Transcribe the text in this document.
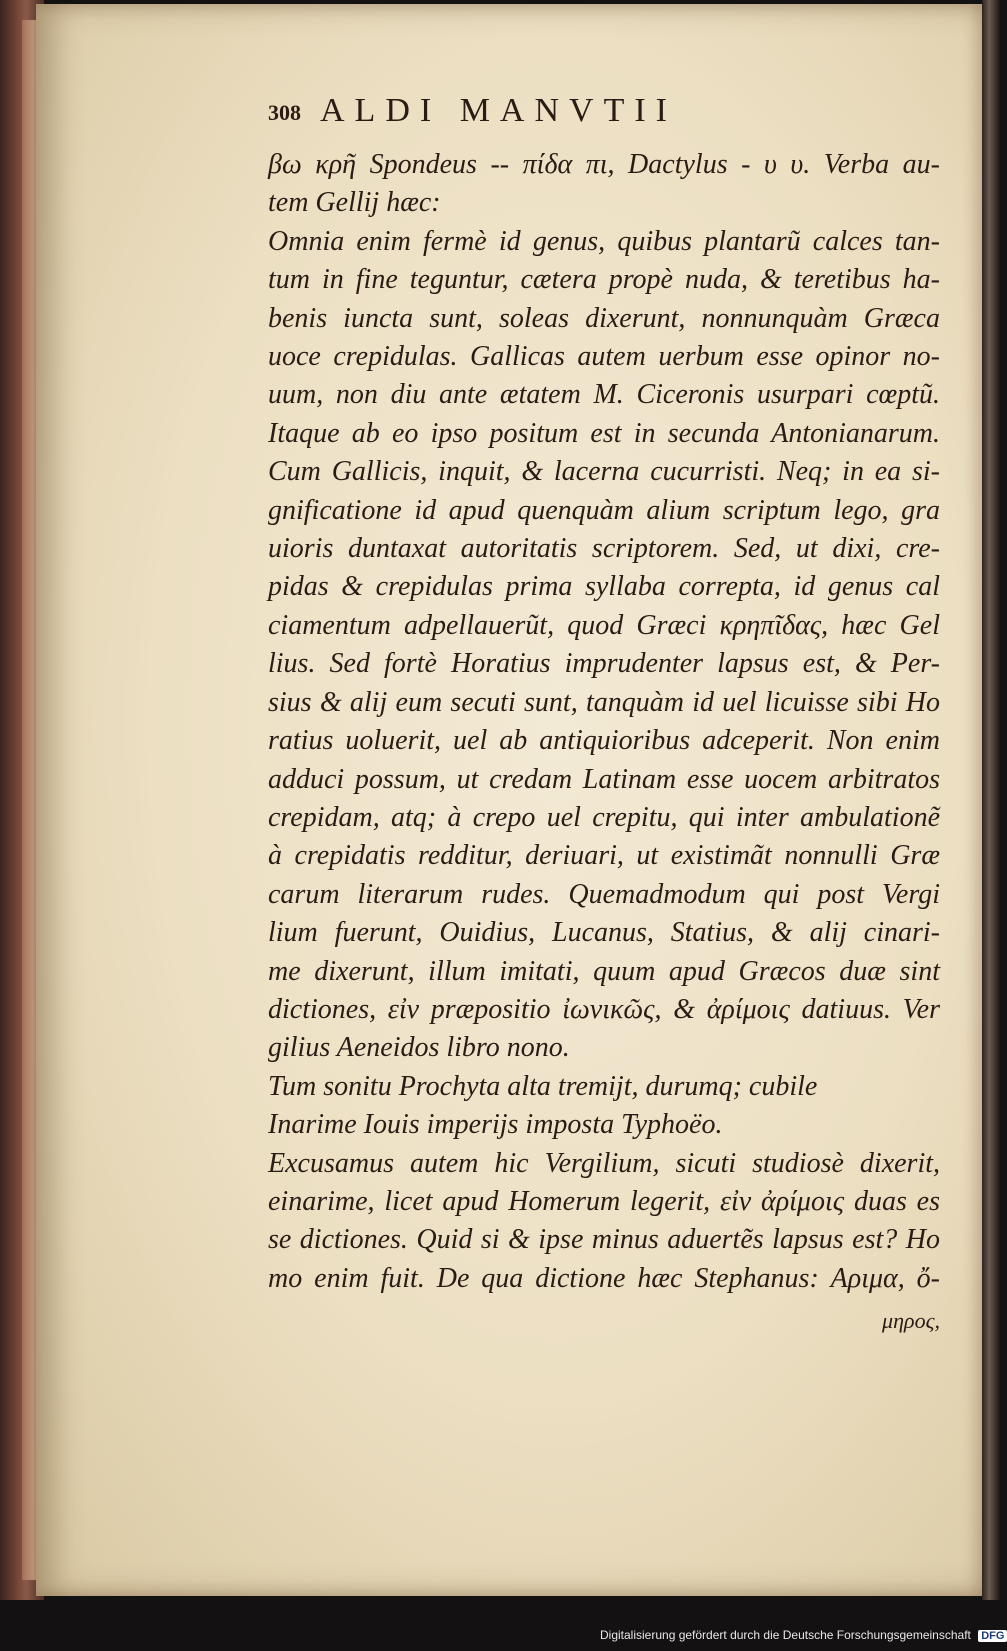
308 ALDI MANVTII
βω κρῆ Spondeus -- πίδα πι, Dactylus - υ υ. Verba au-
tem Gellij hæc:
Omnia enim fermè id genus, quibus plantarũ calces tan-
tum in fine teguntur, cætera propè nuda, & teretibus ha-
benis iuncta sunt, soleas dixerunt, nonnunquàm Græca
uoce crepidulas. Gallicas autem uerbum esse opinor no-
uum, non diu ante ætatem M. Ciceronis usurpari cœptũ.
Itaque ab eo ipso positum est in secunda Antonianarum.
Cum Gallicis, inquit, & lacerna cucurristi. Neq; in ea si-
gnificatione id apud quenquàm alium scriptum lego, gra
uioris duntaxat autoritatis scriptorem. Sed, ut dixi, cre-
pidas & crepidulas prima syllaba correpta, id genus cal
ciamentum adpellauerũt, quod Græci κρηπῖδας, hæc Gel
lius. Sed fortè Horatius imprudenter lapsus est, & Per-
sius & alij eum secuti sunt, tanquàm id uel licuisse sibi Ho
ratius uoluerit, uel ab antiquioribus adceperit. Non enim
adduci possum, ut credam Latinam esse uocem arbitratos
crepidam, atq; à crepo uel crepitu, qui inter ambulationẽ
à crepidatis redditur, deriuari, ut existimãt nonnulli Græ
carum literarum rudes. Quemadmodum qui post Vergi
lium fuerunt, Ouidius, Lucanus, Statius, & alij cinari-
me dixerunt, illum imitati, quum apud Græcos duæ sint
dictiones, εἰν præpositio ἰωνικῶς, & ἀρίμοις datiuus. Ver
gilius Aeneidos libro nono.
Tum sonitu Prochyta alta tremijt, durumq; cubile
Inarime Iouis imperijs imposta Typhoëo.
Excusamus autem hic Vergilium, sicuti studiosè dixerit,
einarime, licet apud Homerum legerit, εἰν ἀρίμοις duas es
se dictiones. Quid si & ipse minus aduertẽs lapsus est? Ho
mo enim fuit. De qua dictione hæc Stephanus: Αριμα, ὄ-
μηρος,
Digitalisierung gefördert durch die Deutsche Forschungsgemeinschaft DFG
